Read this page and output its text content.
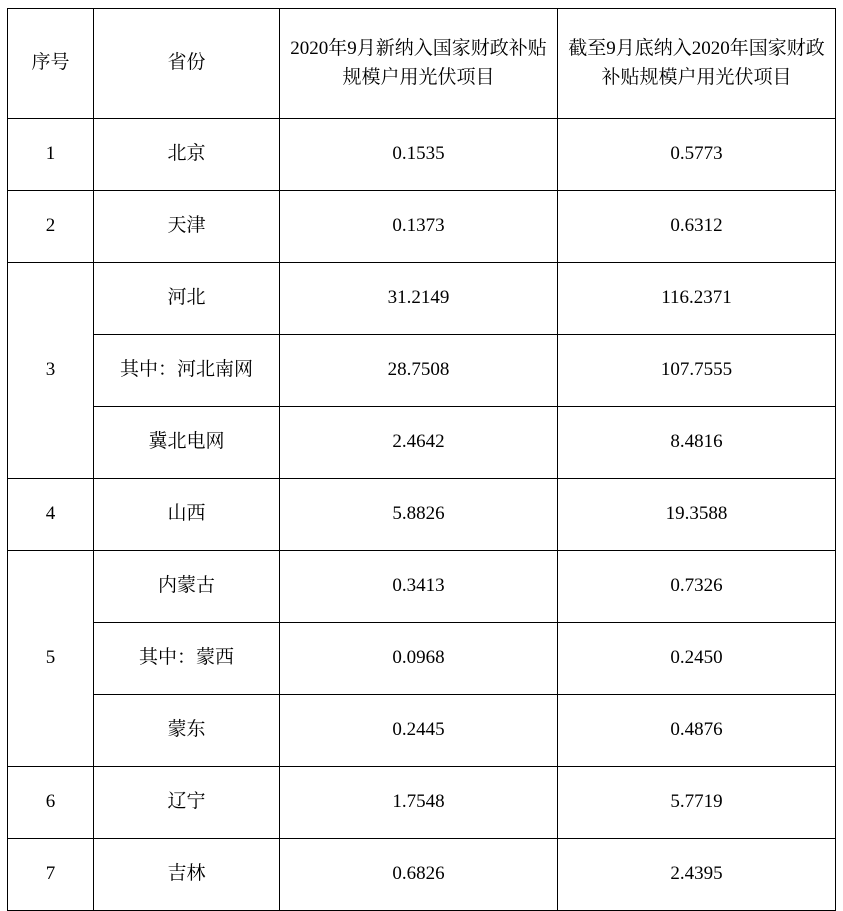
序号	省份	2020年9月新纳入国家财政补贴规模户用光伏项目	截至9月底纳入2020年国家财政补贴规模户用光伏项目
1	北京	0.1535	0.5773
2	天津	0.1373	0.6312
3	河北	31.2149	116.2371
	其中：河北南网	28.7508	107.7555
	冀北电网	2.4642	8.4816
4	山西	5.8826	19.3588
5	内蒙古	0.3413	0.7326
	其中：蒙西	0.0968	0.2450
	蒙东	0.2445	0.4876
6	辽宁	1.7548	5.7719
7	吉林	0.6826	2.4395
